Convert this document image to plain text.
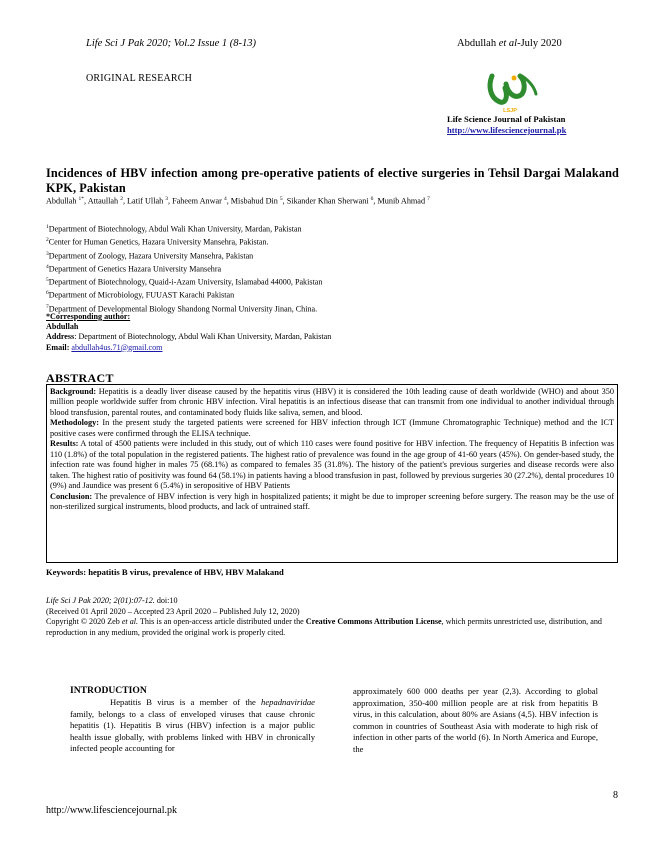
Life Sci J Pak 2020; Vol.2 Issue 1 (8-13)	Abdullah et al-July 2020
ORIGINAL RESEARCH
LSJP
Life Science Journal of Pakistan
http://www.lifesciencejournal.pk
Incidences of HBV infection among pre-operative patients of elective surgeries in Tehsil Dargai Malakand KPK, Pakistan
Abdullah $^{1*}$, Attaullah $^2$, Latif Ullah $^3$, Faheem Anwar $^4$, Misbahud Din $^5$, Sikander Khan Sherwani $^6$, Munib Ahmad $^7$
$^1$Department of Biotechnology, Abdul Wali Khan University, Mardan, Pakistan
$^2$Center for Human Genetics, Hazara University Mansehra, Pakistan.
$^3$Department of Zoology, Hazara University Mansehra, Pakistan
$^4$Department of Genetics Hazara University Mansehra
$^5$Department of Biotechnology, Quaid-i-Azam University, Islamabad 44000, Pakistan
$^6$Department of Microbiology, FUUAST Karachi Pakistan
$^7$Department of Developmental Biology Shandong Normal University Jinan, China.
*Corresponding author:
Abdullah
Address: Department of Biotechnology, Abdul Wali Khan University, Mardan, Pakistan
Email: abdullah4us.71@gmail.com
ABSTRACT

Background: Hepatitis is a deadly liver disease caused by the hepatitis virus (HBV) it is considered the 10th leading cause of death worldwide (WHO) and about 350 million people worldwide suffer from chronic HBV infection. Viral hepatitis is an infectious disease that can transmit from one individual to another individual through blood transfusion, parental routes, and contaminated body fluids like saliva, semen, and blood.

Methodology: In the present study the targeted patients were screened for HBV infection through ICT (Immune Chromatographic Technique) method and the ICT positive cases were confirmed through the ELISA technique.

Results: A total of 4500 patients were included in this study, out of which 110 cases were found positive for HBV infection. The frequency of Hepatitis B infection was 110 (1.8%) of the total population in the registered patients. The highest ratio of prevalence was found in the age group of 41-60 years (45%). On gender-based study, the infection rate was found higher in males 75 (68.1%) as compared to females 35 (31.8%). The history of the patient's previous surgeries and disease records were also taken. The highest ratio of positivity was found 64 (58.1%) in patients having a blood transfusion in past, followed by previous surgeries 30 (27.2%), dental procedures 10 (9%) and Jaundice was present 6 (5.4%) in seropositive of HBV Patients

Conclusion: The prevalence of HBV infection is very high in hospitalized patients; it might be due to improper screening before surgery. The reason may be the use of non-sterilized surgical instruments, blood products, and lack of untrained staff.

Keywords: hepatitis B virus, prevalence of HBV, HBV Malakand
Life Sci J Pak 2020; 2(01):07-12. doi:10
(Received 01 April 2020 – Accepted 23 April 2020 – Published July 12, 2020)
Copyright © 2020 Zeb et al. This is an open-access article distributed under the Creative Commons Attribution License, which permits unrestricted use, distribution, and reproduction in any medium, provided the original work is properly cited.
INTRODUCTION

Hepatitis B virus is a member of the hepadnaviridae family, belongs to a class of enveloped viruses that cause chronic hepatitis (1). Hepatitis B virus (HBV) infection is a major public health issue globally, with problems linked with HBV in chronically infected people accounting for

approximately 600 000 deaths per year (2,3). According to global approximation, 350-400 million people are at risk from hepatitis B virus, in this calculation, about 80% are Asians (4,5). HBV infection is common in countries of Southeast Asia with moderate to high risk of infection in other parts of the world (6). In North America and Europe, the

8
http://www.lifesciencejournal.pk
